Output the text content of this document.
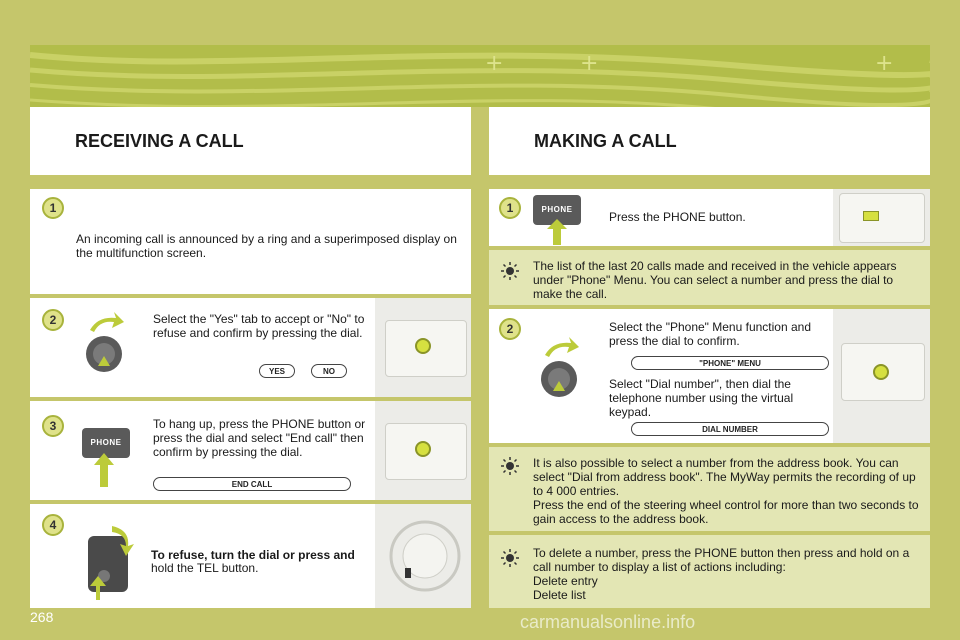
+	+	+
RECEIVING A CALL
1
An incoming call is announced by a ring and a superimposed display on the multifunction screen.
2	Select the "Yes" tab to accept or "No" to refuse and confirm by pressing the dial.
YES	NO
3
PHONE
To hang up, press the PHONE button or press the dial and select "End call" then confirm by pressing the dial.
END CALL
4
To refuse, turn the dial or press and
hold the TEL button.
MAKING A CALL
1	PHONE
Press the PHONE button.
The list of the last 20 calls made and received in the vehicle appears under "Phone" Menu. You can select a number and press the dial to make the call.
2	Select the "Phone" Menu function and press the dial to confirm.
"PHONE" MENU
Select "Dial number", then dial the telephone number using the virtual keypad.
DIAL NUMBER
It is also possible to select a number from the address book. You can select "Dial from address book". The MyWay permits the recording of up to 4 000 entries.
Press the end of the steering wheel control for more than two seconds to gain access to the address book.
To delete a number, press the PHONE button then press and hold on a call number to display a list of actions including:
Delete entry
Delete list
268	carmanualsonline.info
